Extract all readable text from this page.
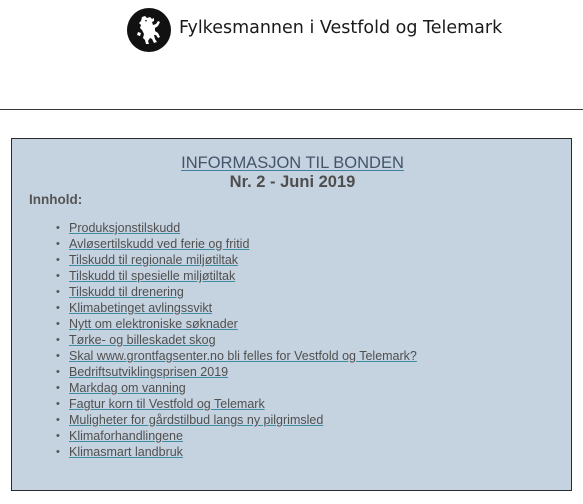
Fylkesmannen i Vestfold og Telemark
INFORMASJON TIL BONDEN
Nr. 2 - Juni 2019
Innhold:
• Produksjonstilskudd
• Avløsertilskudd ved ferie og fritid
• Tilskudd til regionale miljøtiltak
• Tilskudd til spesielle miljøtiltak
• Tilskudd til drenering
• Klimabetinget avlingssvikt
• Nytt om elektroniske søknader
• Tørke- og billeskadet skog
• Skal www.grontfagsenter.no bli felles for Vestfold og Telemark?
• Bedriftsutviklingsprisen 2019
• Markdag om vanning
• Fagtur korn til Vestfold og Telemark
• Muligheter for gårdstilbud langs ny pilgrimsled
• Klimaforhandlingene
• Klimasmart landbruk
